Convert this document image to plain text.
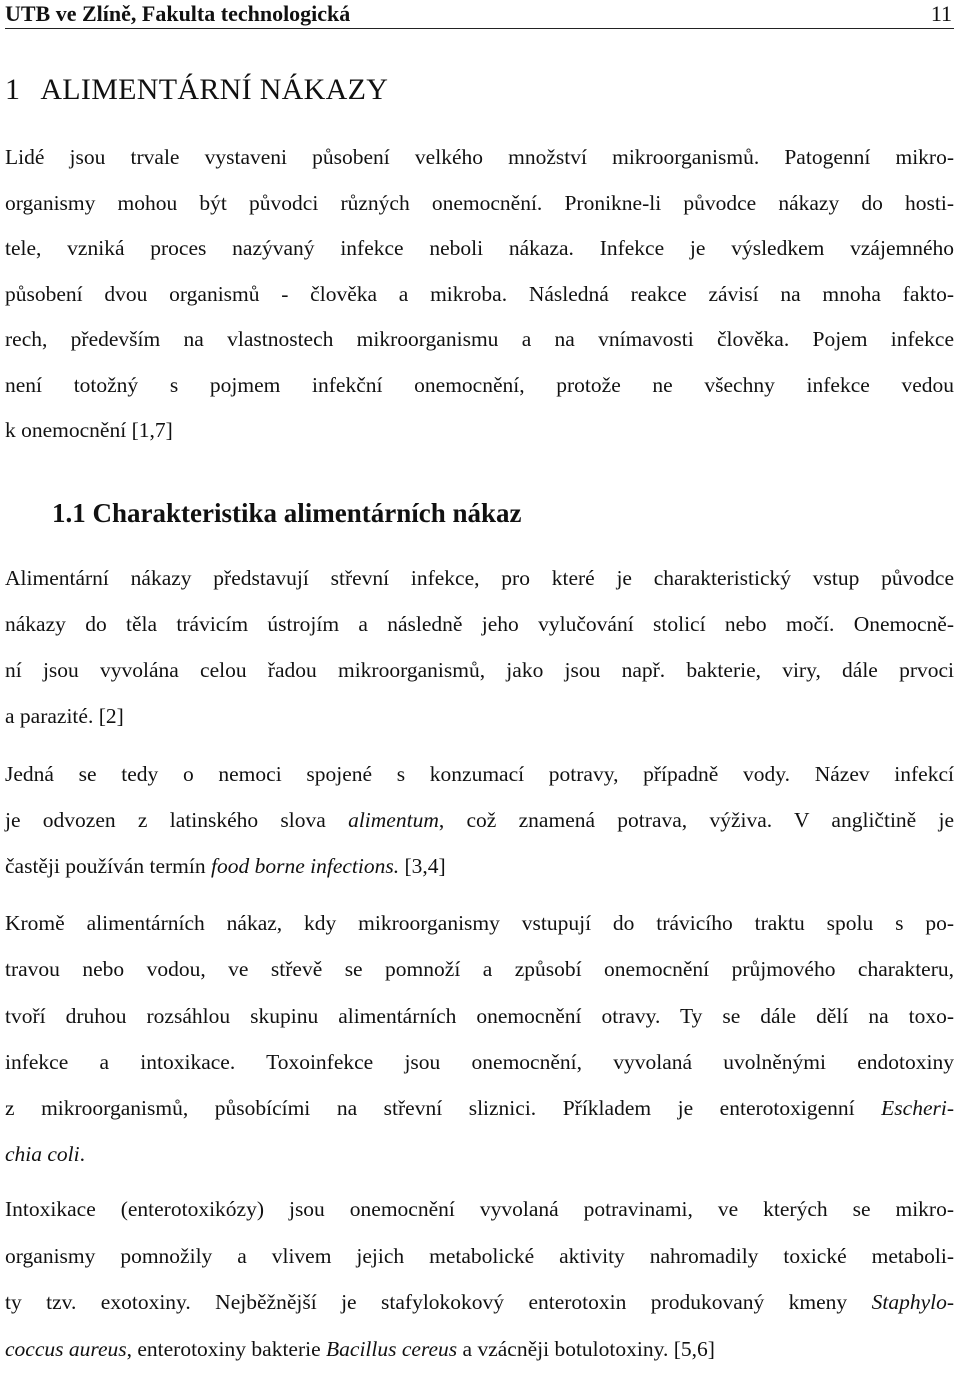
UTB ve Zlíně, Fakulta technologická	11
1 ALIMENTÁRNÍ NÁKAZY
Lidé jsou trvale vystaveni působení velkého množství mikroorganismů. Patogenní mikro-
organismy mohou být původci různých onemocnění. Pronikne-li původce nákazy do hosti-
tele, vzniká proces nazývaný infekce neboli nákaza. Infekce je výsledkem vzájemného
působení dvou organismů - člověka a mikroba. Následná reakce závisí na mnoha fakto-
rech, především na vlastnostech mikroorganismu a na vnímavosti člověka. Pojem infekce
není totožný s pojmem infekční onemocnění, protože ne všechny infekce vedou
k onemocnění [1,7]
1.1 Charakteristika alimentárních nákaz
Alimentární nákazy představují střevní infekce, pro které je charakteristický vstup původce
nákazy do těla trávicím ústrojím a následně jeho vylučování stolicí nebo močí. Onemocně-
ní jsou vyvolána celou řadou mikroorganismů, jako jsou např. bakterie, viry, dále prvoci
a parazité. [2]
Jedná se tedy o nemoci spojené s konzumací potravy, případně vody. Název infekcí
je odvozen z latinského slova alimentum, což znamená potrava, výživa. V angličtině je
častěji používán termín food borne infections. [3,4]
Kromě alimentárních nákaz, kdy mikroorganismy vstupují do trávicího traktu spolu s po-
travou nebo vodou, ve střevě se pomnoží a způsobí onemocnění průjmového charakteru,
tvoří druhou rozsáhlou skupinu alimentárních onemocnění otravy. Ty se dále dělí na toxo-
infekce a intoxikace. Toxoinfekce jsou onemocnění, vyvolaná uvolněnými endotoxiny
z mikroorganismů, působícími na střevní sliznici. Příkladem je enterotoxigenní Escheri-
chia coli.
Intoxikace (enterotoxikózy) jsou onemocnění vyvolaná potravinami, ve kterých se mikro-
organismy pomnožily a vlivem jejich metabolické aktivity nahromadily toxické metaboli-
ty tzv. exotoxiny. Nejběžnější je stafylokokový enterotoxin produkovaný kmeny Staphylo-
coccus aureus, enterotoxiny bakterie Bacillus cereus a vzácněji botulotoxiny. [5,6]
